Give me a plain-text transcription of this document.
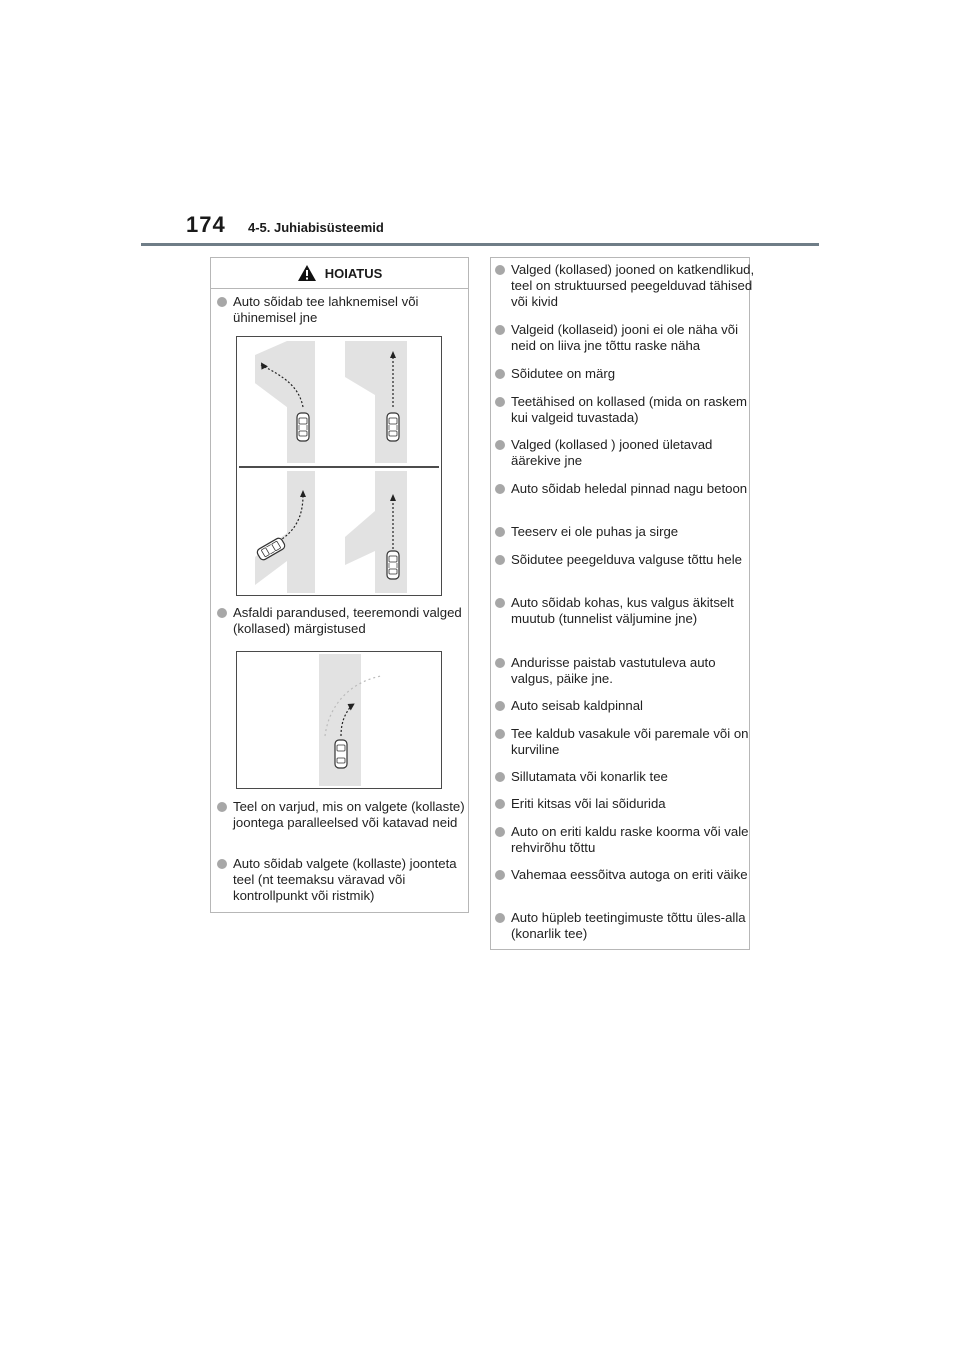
174 4-5. Juhiabisüsteemid
HOIATUS
Auto sõidab tee lahknemisel või ühinemisel jne
Asfaldi parandused, teeremondi valged (kollased) märgistused
Teel on varjud, mis on valgete (kollaste) joontega paralleelsed või katavad neid
Auto sõidab valgete (kollaste) joonteta teel (nt teemaksu väravad või kontrollpunkt või ristmik)
Valged (kollased) jooned on katkendlikud, teel on struktuursed peegelduvad tähised või kivid
Valgeid (kollaseid) jooni ei ole näha või neid on liiva jne tõttu raske näha
Sõidutee on märg
Teetähised on kollased (mida on raskem kui valgeid tuvastada)
Valged (kollased ) jooned ületavad äärekive jne
Auto sõidab heledal pinnad nagu betoon
Teeserv ei ole puhas ja sirge
Sõidutee peegelduva valguse tõttu hele
Auto sõidab kohas, kus valgus äkitselt muutub (tunnelist väljumine jne)
Andurisse paistab vastutuleva auto valgus, päike jne.
Auto seisab kaldpinnal
Tee kaldub vasakule või paremale või on kurviline
Sillutamata või konarlik tee
Eriti kitsas või lai sõidurida
Auto on eriti kaldu raske koorma või vale rehvirõhu tõttu
Vahemaa eessõitva autoga on eriti väike
Auto hüpleb teetingimuste tõttu üles-alla (konarlik tee)
